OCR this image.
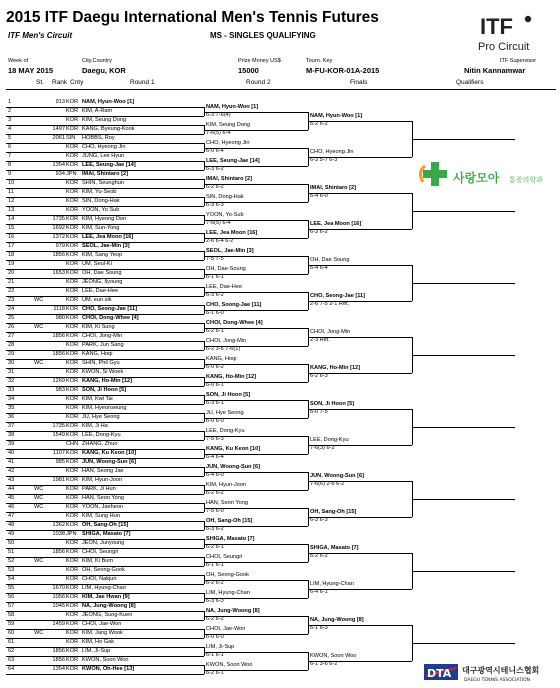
2015 ITF Daegu International Men's Tennis Futures
ITF Men's Circuit	MS - SINGLES QUALIFYING	ITF
Pro Circuit
Week of
18 MAY 2015
City,Country
Daegu, KOR
Prize Money US$
15000
Tourn. Key
M-FU-KOR-01A-2015
ITF Supervisor
Nitin Kannamwar
St. Rank Cnty	Round 1	Round 2	Finals	Qualifiers
1	913 KOR NAM, Hyun-Woo [1]
2	KOR KIM, A-Ram
3	KOR KIM, Seung Dong
4	1497 KOR KANG, Byeung-Kook
5	2061 SIN HOBBS, Roy
6	KOR CHO, Hyeong Jin
7	KOR JUNG, Lee Hyun
8	1354 KOR LEE, Seung-Jae [14]
9	934 JPN IMAI, Shintaro [2]
10	KOR SHIN, Seunghun
11	KOR KIM, Yu-Seob
12	KOR SIN, Dong-Hak
13	KOR YOON, Yo Sub
14	1735 KOR KIM, Hyeong Don
15	1692 KOR KIM, Sun-Yong
16	1372 KOR LEE, Jea Moon [16]
17	979 KOR SEOL, Jae-Min [3]
18	1856 KOR KIM, Sang Yeop
19	KOR UM, Seul-Ki
20	1653 KOR OH, Dae Soung
21	KOR JEONG, Ilyoung
22	KOR LEE, Dae-Hee
23	WC	KOR UM, eun sik
24	1118 KOR CHO, Seong-Jae [11]
25	980 KOR CHOI, Dong-Whee [4]
26	WC	KOR KIM, Ki Sung
27	1856 KOR CHOI, Jong-Min
28	KOR PARK, Jun Sang
29	1856 KOR KANG, Hoqi
30	WC	KOR SHIN, Phil Gyu
31	KOR KWON, Si Woek
32	1269 KOR KANG, Ho-Min [12]
33	983 KOR SON, Ji Hoon [5]
34	KOR KIM, Kwi Tai
35	KOR KIM, Hyeonseung
36	KOR JU, Hye Seong
37	1735 KOR KIM, Ji Ha
38	1549 KOR LEE, Dong-Kyu
39	CHN ZHANG, Zhuo
40	1107 KOR KANG, Ku Keon [10]
41	985 KOR JUN, Woong-Sun [6]
42	KOR HAN, Seong Jae
43	1981 KOR KIM, Hyun-Joon
44	WC	KOR PARK, Ji Hun
45	WC	KOR HAN, Seon Yong
46	WC	KOR YOON, Jaeheon
47	KOR KIM, Sung Hun
48	1362 KOR OH, Sang-Oh [15]
49	1038 JPN SHIGA, Masato [7]
50	KOR JEON, Junyoung
51	1856 KOR CHOI, Seungri
52	WC	KOR KIM, Ki Bum
53	KOR OH, Seong-Gook
54	KOR CHOI, Nakjun
55	1670 KOR LIM, Hyung-Chan
56	1056 KOR KIM, Jae Hwan [9]
57	1045 KOR NA, Jung-Woong [8]
58	KOR JEONG, Sung-Kuen
59	1459 KOR CHOI, Jae-Won
60	WC	KOR KIM, Jang Wook
61	KOR KIM, Ho Gak
62	1856 KOR LIM, Ji-Sup
63	1856 KOR KWON, Soon Woo
64	1354 KOR KWON, Oh-Hee [13]
NAM, Hyun-Woo [1]
6-3 7-6(4)
KIM, Seung Dong
7-6(5) 6-4
CHO, Hyeong Jin
6-0 6-4
LEE, Seung-Jae [14]
6-3 6-2
IMAI, Shintaro [2]
6-2 6-2
SIN, Dong-Hak
6-3 6-3
YOON, Yo-Sub
7-6(5) 6-4
LEE, Jea Moon [16]
2-6 6-4 6-2
SEOL, Jae-Min [3]
7-5 7-5
OH, Dae-Soung
6-1 6-1
LEE, Dae-Hee
6-3 6-2
CHO, Soong-Jae [11]
6-1 6-0
CHOI, Dong-Whee [4]
6-2 6-1
CHOI, Jong-Min
6-2 3-6 7-6(1)
KANG, Hoqi
6-0 6-2
KANG, Ho-Min [12]
6-0 6-1
SON, Ji Hoon [5]
6-3 6-1
JU, Hye Seong
6-0 6-0
LEE, Dong-Kyu
7-5 6-3
KANG, Ku Keon [10]
6-4 6-4
JUN, Woong-Sun [6]
6-4 6-0
KIM, Hyun-Joon
6-2 6-2
HAN, Seon Yong
7-5 6-0
OH, Sang-Oh [15]
6-3 6-2
SHIGA, Masato [7]
6-2 6-1
CHOI, Seungri
6-1 6-1
OH, Seong-Gook
6-2 6-2
LIM, Hyung-Chan
6-3 6-3
NA, Jung-Woong [8]
6-2 6-2
CHOI, Jae-Won
6-0 6-0
LIM, Ji-Sup
6-1 6-1
KWON, Soon Woo
6-2 6-1
NAM, Hyun-Woo [1]
6-2 6-2
CHO, Hyeong Jin
6-3 5-7 6-3
IMAI, Shintaro [2]
6-4 6-0
LEE, Jea Moon [16]
6-3 6-2
OH, Dae Soung
6-4 6-4
CHO, Seong-Jae [11]
2-6 7-5 2-1 Ret.
CHOI, Jong-Min
2-3 Ret.
KANG, Ho-Min [12]
6-2 6-3
SON, Ji Hoon [5]
6-0 7-5
LEE, Dong-Kyu
7-6(3) 6-2
JUN, Woong-Sun [6]
7-6(6) 2-6 6-2
OH, Sang-Oh [15]
6-3 6-3
SHIGA, Masato [7]
6-2 6-2
LIM, Hyung-Chan
6-4 6-1
NA, Jung-Woong [8]
6-1 6-3
KWON, Soon Woo
6-1 3-6 6-2
사랑모아 통증의학과
DTA 대구광역시테니스협회
DAEGU TENNIS ASSOCIATION
